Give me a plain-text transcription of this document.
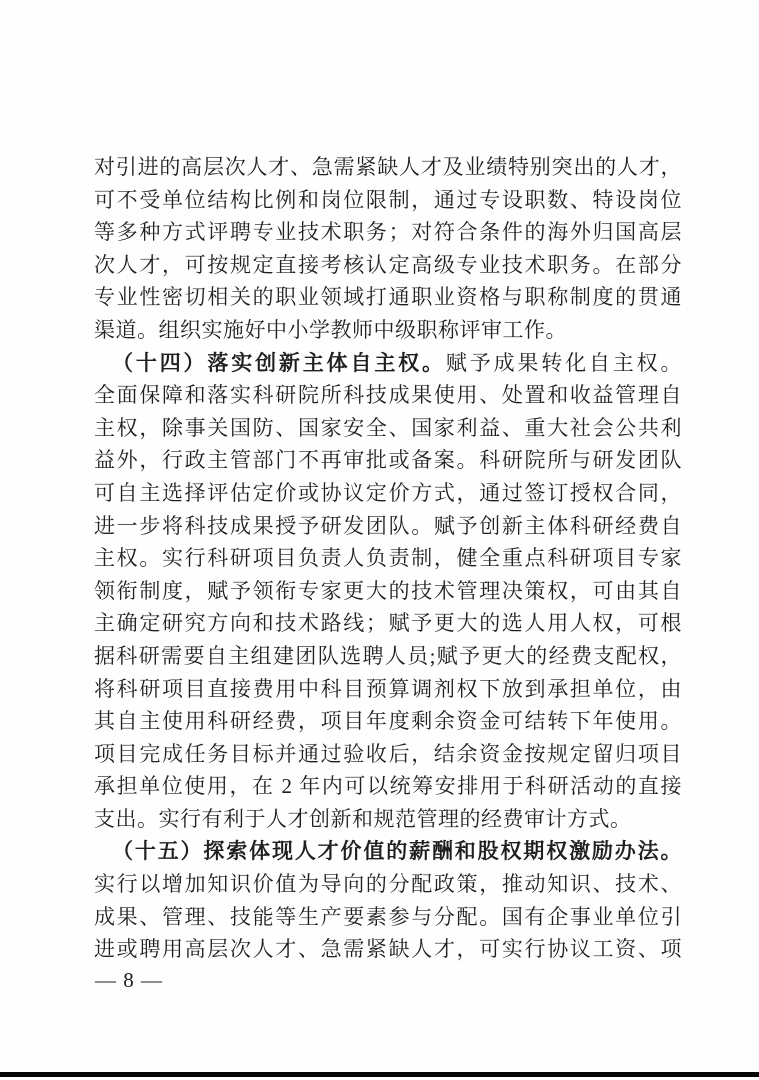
对引进的高层次人才、急需紧缺人才及业绩特别突出的人才，
可不受单位结构比例和岗位限制，通过专设职数、特设岗位
等多种方式评聘专业技术职务；对符合条件的海外归国高层
次人才，可按规定直接考核认定高级专业技术职务。在部分
专业性密切相关的职业领域打通职业资格与职称制度的贯通
渠道。组织实施好中小学教师中级职称评审工作。
（十四）落实创新主体自主权。赋予成果转化自主权。
全面保障和落实科研院所科技成果使用、处置和收益管理自
主权，除事关国防、国家安全、国家利益、重大社会公共利
益外，行政主管部门不再审批或备案。科研院所与研发团队
可自主选择评估定价或协议定价方式，通过签订授权合同，
进一步将科技成果授予研发团队。赋予创新主体科研经费自
主权。实行科研项目负责人负责制，健全重点科研项目专家
领衔制度，赋予领衔专家更大的技术管理决策权，可由其自
主确定研究方向和技术路线；赋予更大的选人用人权，可根
据科研需要自主组建团队选聘人员;赋予更大的经费支配权，
将科研项目直接费用中科目预算调剂权下放到承担单位，由
其自主使用科研经费，项目年度剩余资金可结转下年使用。
项目完成任务目标并通过验收后，结余资金按规定留归项目
承担单位使用，在 2 年内可以统筹安排用于科研活动的直接
支出。实行有利于人才创新和规范管理的经费审计方式。
（十五）探索体现人才价值的薪酬和股权期权激励办法。
实行以增加知识价值为导向的分配政策，推动知识、技术、
成果、管理、技能等生产要素参与分配。国有企事业单位引
进或聘用高层次人才、急需紧缺人才，可实行协议工资、项
— 8 —
